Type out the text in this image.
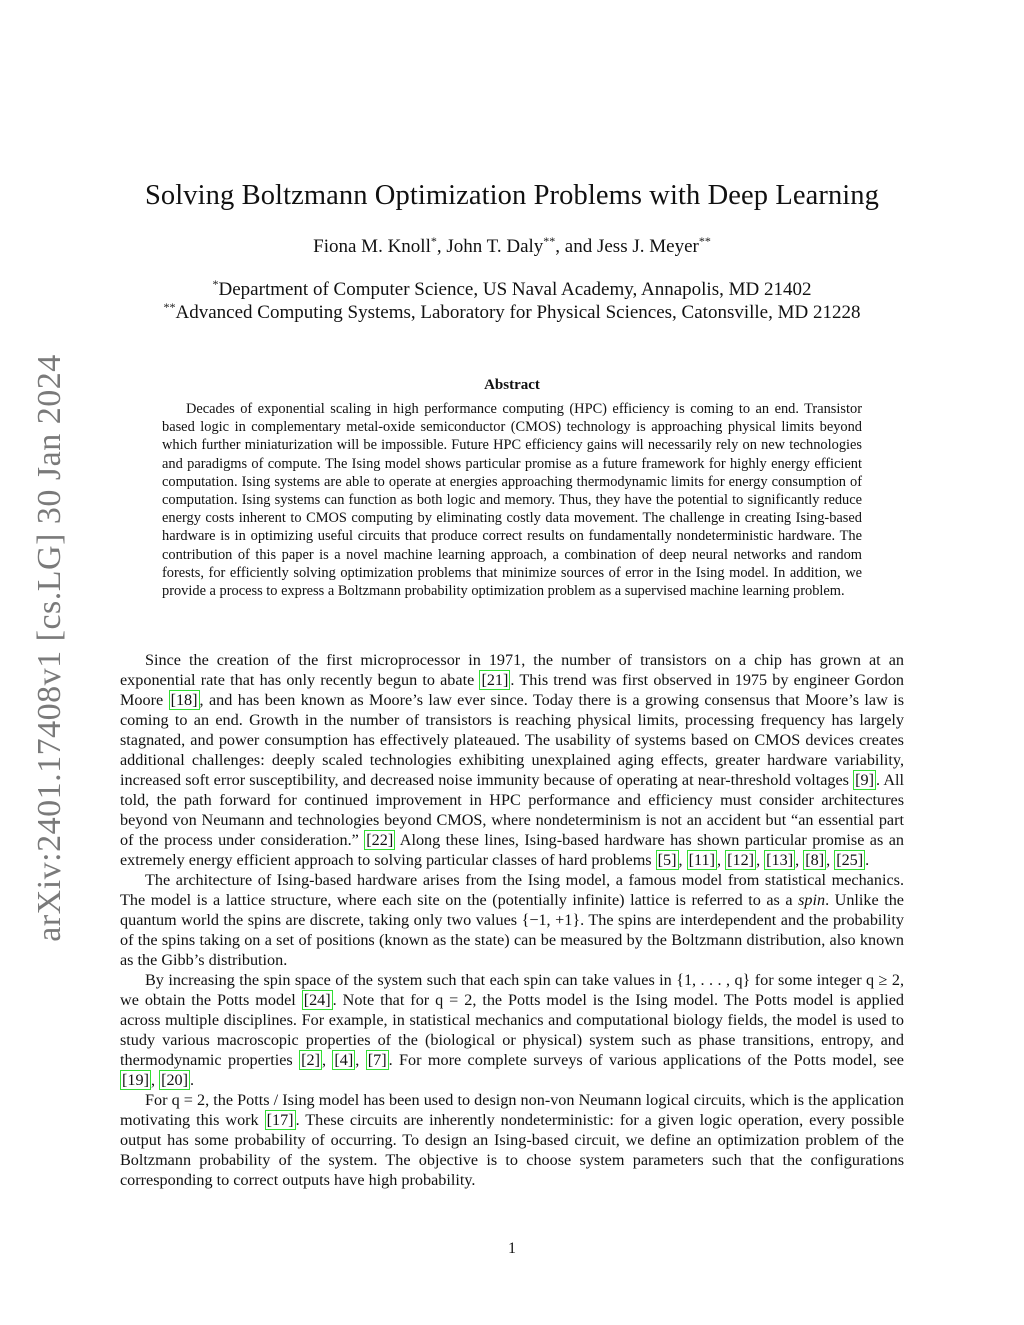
arXiv:2401.17408v1 [cs.LG] 30 Jan 2024
Solving Boltzmann Optimization Problems with Deep Learning
Fiona M. Knoll*, John T. Daly**, and Jess J. Meyer**
*Department of Computer Science, US Naval Academy, Annapolis, MD 21402
**Advanced Computing Systems, Laboratory for Physical Sciences, Catonsville, MD 21228
Abstract
Decades of exponential scaling in high performance computing (HPC) efficiency is coming to an end. Transistor based logic in complementary metal-oxide semiconductor (CMOS) technology is approaching physical limits beyond which further miniaturization will be impossible. Future HPC efficiency gains will necessarily rely on new technologies and paradigms of compute. The Ising model shows particular promise as a future framework for highly energy efficient computation. Ising systems are able to operate at energies approaching thermodynamic limits for energy consumption of computation. Ising systems can function as both logic and memory. Thus, they have the potential to significantly reduce energy costs inherent to CMOS computing by eliminating costly data movement. The challenge in creating Ising-based hardware is in optimizing useful circuits that produce correct results on fundamentally nondeterministic hardware. The contribution of this paper is a novel machine learning approach, a combination of deep neural networks and random forests, for efficiently solving optimization problems that minimize sources of error in the Ising model. In addition, we provide a process to express a Boltzmann probability optimization problem as a supervised machine learning problem.

Since the creation of the first microprocessor in 1971, the number of transistors on a chip has grown at an exponential rate that has only recently begun to abate [21] . This trend was first observed in 1975 by engineer Gordon Moore [18] , and has been known as Moore’s law ever since. Today there is a growing consensus that Moore’s law is coming to an end. Growth in the number of transistors is reaching physical limits, processing frequency has largely stagnated, and power consumption has effectively plateaued. The usability of systems based on CMOS devices creates additional challenges: deeply scaled technologies exhibiting unexplained aging effects, greater hardware variability, increased soft error susceptibility, and decreased noise immunity because of operating at near-threshold voltages [9] . All told, the path forward for continued improvement in HPC performance and efficiency must consider architectures beyond von Neumann and technologies beyond CMOS, where nondeterminism is not an accident but “an essential part of the process under consideration.” [22] Along these lines, Ising-based hardware has shown particular promise as an extremely energy efficient approach to solving particular classes of hard problems [5] , [11] , [12] , [13] , [8] , [25] .

The architecture of Ising-based hardware arises from the Ising model, a famous model from statistical mechanics. The model is a lattice structure, where each site on the (potentially infinite) lattice is referred to as a spin. Unlike the quantum world the spins are discrete, taking only two values {−1, +1}. The spins are interdependent and the probability of the spins taking on a set of positions (known as the state) can be measured by the Boltzmann distribution, also known as the Gibb’s distribution.

By increasing the spin space of the system such that each spin can take values in {1, . . . , q} for some integer q ≥ 2, we obtain the Potts model [24] . Note that for q = 2, the Potts model is the Ising model. The Potts model is applied across multiple disciplines. For example, in statistical mechanics and computational biology fields, the model is used to study various macroscopic properties of the (biological or physical) system such as phase transitions, entropy, and thermodynamic properties [2] , [4] , [7] . For more complete surveys of various applications of the Potts model, see [19] , [20] .

For q = 2, the Potts / Ising model has been used to design non-von Neumann logical circuits, which is the application motivating this work [17] . These circuits are inherently nondeterministic: for a given logic operation, every possible output has some probability of occurring. To design an Ising-based circuit, we define an optimization problem of the Boltzmann probability of the system. The objective is to choose system parameters such that the configurations corresponding to correct outputs have high probability.

1
